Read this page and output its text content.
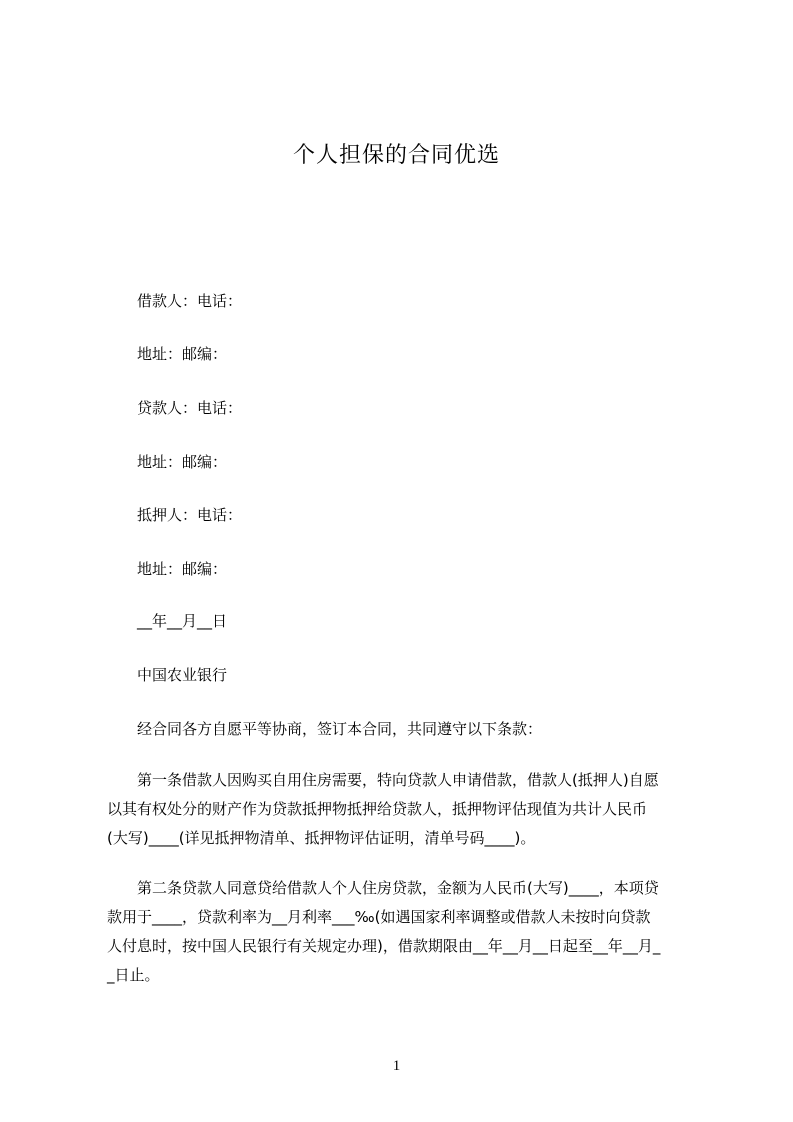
个人担保的合同优选
借款人：电话：
地址：邮编：
贷款人：电话：
地址：邮编：
抵押人：电话：
地址：邮编：
__年__月__日
中国农业银行
经合同各方自愿平等协商，签订本合同，共同遵守以下条款：
第一条借款人因购买自用住房需要，特向贷款人申请借款，借款人(抵押人)自愿
以其有权处分的财产作为贷款抵押物抵押给贷款人，抵押物评估现值为共计人民币
(大写)____(详见抵押物清单、抵押物评估证明，清单号码____)。
第二条贷款人同意贷给借款人个人住房贷款，金额为人民币(大写)____，本项贷
款用于____，贷款利率为__月利率___‰(如遇国家利率调整或借款人未按时向贷款
人付息时，按中国人民银行有关规定办理)，借款期限由__年__月__日起至__年__月_
_日止。
1
